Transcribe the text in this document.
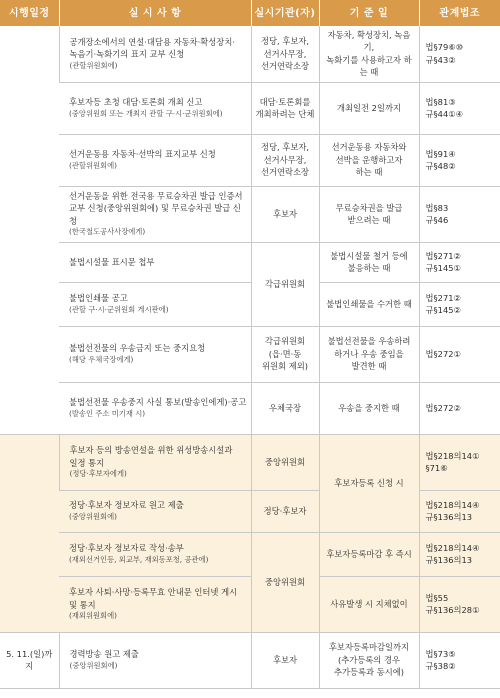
시행일정	실 시 사 항	실시기관(자)	기 준 일	관계법조
	공개장소에서의 연설·대담용 자동차·확성장치·
녹음기·녹화기의 표지 교부 신청
(관할위원회에)	정당, 후보자,
선거사무장,
선거연락소장	자동차, 확성장치, 녹음기,
녹화기를 사용하고자 하는 때	법§79⑥⑩
규§43②
	후보자등 초청 대담·토론회 개최 신고
(중앙위원회 또는 개최지 관할 구·시·군위원회에)	대담·토론회를
개최하려는 단체	개최일전 2일까지	법§81③
규§44①④
	선거운동용 자동차·선박의 표지교부 신청
(관할위원회에)	정당, 후보자,
선거사무장,
선거연락소장	선거운동용 자동차와
선박을 운행하고자
하는 때	법§91④
규§48②
	선거운동을 위한 전국용 무료승차권 발급 인증서
교부 신청(중앙위원회에) 및 무료승차권 발급 신청
(한국철도공사사장에게)	후보자	무료승차권을 발급
받으려는 때	법§83
규§46
	불법시설물 표시문 첩부	각급위원회	불법시설물 철거 등에
불응하는 때	법§271②
규§145①
	불법인쇄물 공고
(관할 구·시·군위원회 게시판에)		불법인쇄물을 수거한 때	법§271②
규§145②
	불법선전물의 우송금지 또는 중지요청
(해당 우체국장에게)	각급위원회
(읍·면·동
위원회 제외)	불법선전물을 우송하려
하거나 우송 중임을
발견한 때	법§272①
	불법선전물 우송중지 사실 통보(발송인에게)·공고
(발송인 주소 미기재 시)	우체국장	우송을 중지한 때	법§272②
	후보자 등의 방송연설을 위한 위성방송시설과
일정 통지
(정당·후보자에게)	중앙위원회	후보자등록 신청 시	법§218의14①
§71⑥
	정당·후보자 정보자료 원고 제출
(중앙위원회에)	정당·후보자		법§218의14④
규§136의13
	정당·후보자 정보자료 작성·송부
(재외선거인등, 외교부, 재외동포청, 공관에)	중앙위원회	후보자등록마감 후 즉시	법§218의14④
규§136의13
	후보자 사퇴·사망·등록무효 안내문 인터넷 게시
및 통지
(재외위원회에)		사유발생 시 지체없이	법§55
규§136의28①
5. 11.(일)까지	경력방송 원고 제출
(중앙위원회에)	후보자	후보자등록마감일까지
(추가등록의 경우
추가등록과 동시에)	법§73⑤
규§38②
